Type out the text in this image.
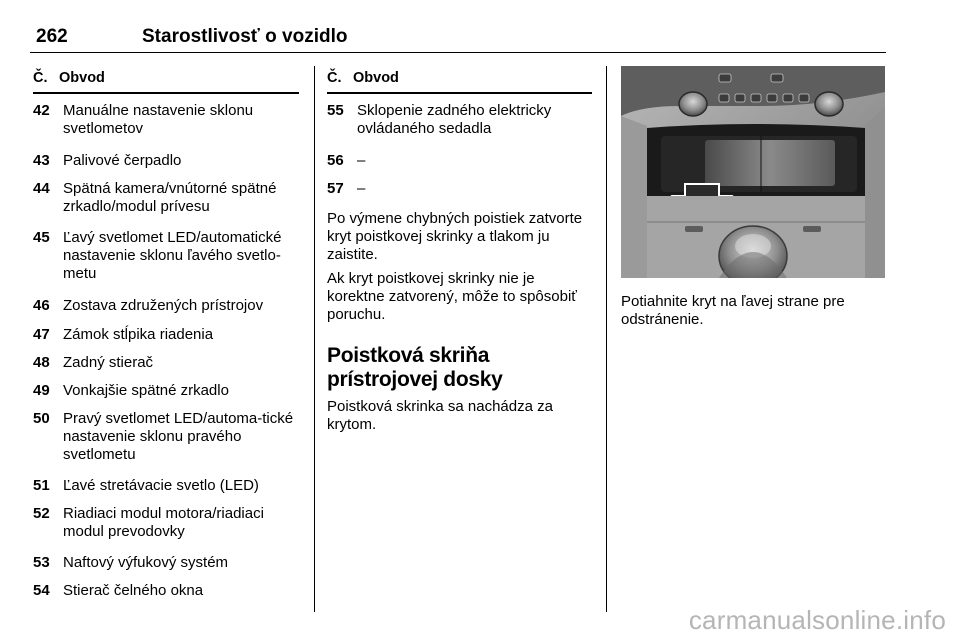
262	Starostlivosť o vozidlo
Č. Obvod
42 Manuálne nastavenie sklonu svetlometov
43 Palivové čerpadlo
44 Spätná kamera/vnútorné spätné zrkadlo/modul prívesu
45 Ľavý svetlomet LED/automatické nastavenie sklonu ľavého svetlo-metu
46 Zostava združených prístrojov
47 Zámok stĺpika riadenia
48 Zadný stierač
49 Vonkajšie spätné zrkadlo
50 Pravý svetlomet LED/automa-tické nastavenie sklonu pravého svetlometu
51 Ľavé stretávacie svetlo (LED)
52 Riadiaci modul motora/riadiaci modul prevodovky
53 Naftový výfukový systém
54 Stierač čelného okna
Č. Obvod
55 Sklopenie zadného elektricky ovládaného sedadla
56 –
57 –

Po výmene chybných poistiek zatvorte kryt poistkovej skrinky a tlakom ju zaistite.

Ak kryt poistkovej skrinky nie je korektne zatvorený, môže to spôsobiť poruchu.

Poistková skriňa prístrojovej dosky

Poistková skrinka sa nachádza za krytom.

Potiahnite kryt na ľavej strane pre odstránenie.
carmanualsonline.info
